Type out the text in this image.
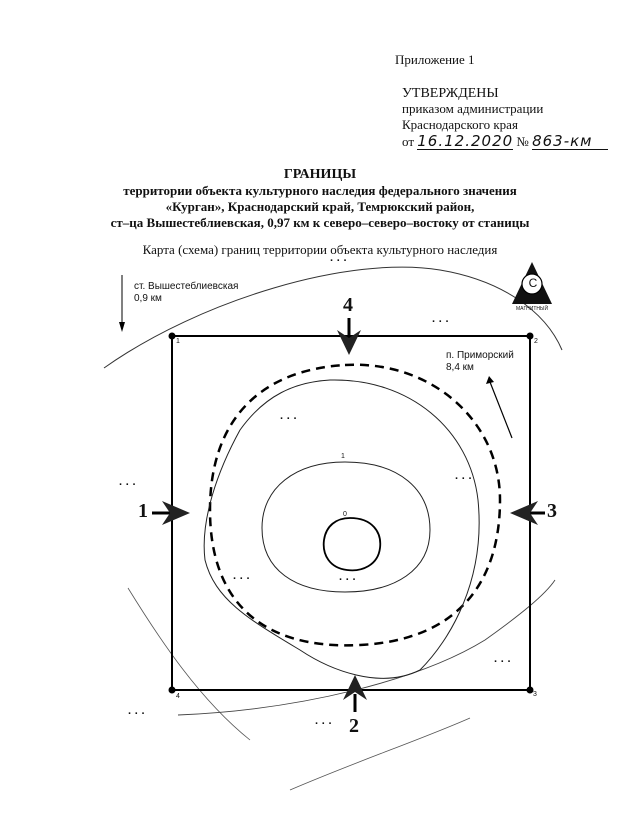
Приложение 1
УТВЕРЖДЕНЫ
приказом администрации
Краснодарского края
от 16.12.2020 № 863-км
ГРАНИЦЫ
территории объекта культурного наследия федерального значения
«Курган», Краснодарский край, Темрюкский район,
ст–ца Вышестеблиевская, 0,97 км к северо–северо–востоку от станицы
Карта (схема) границ территории объекта культурного наследия
С
МАГНИТНЫЙ
ст. Вышестеблиевская
0,9 км
п. Приморский
8,4 км
1	2
3
4
1
2
3
4
0
1
· · ·
· · ·
· · ·
· · ·	· · ·
· · ·	· · ·
· · ·
· · ·
· · ·
